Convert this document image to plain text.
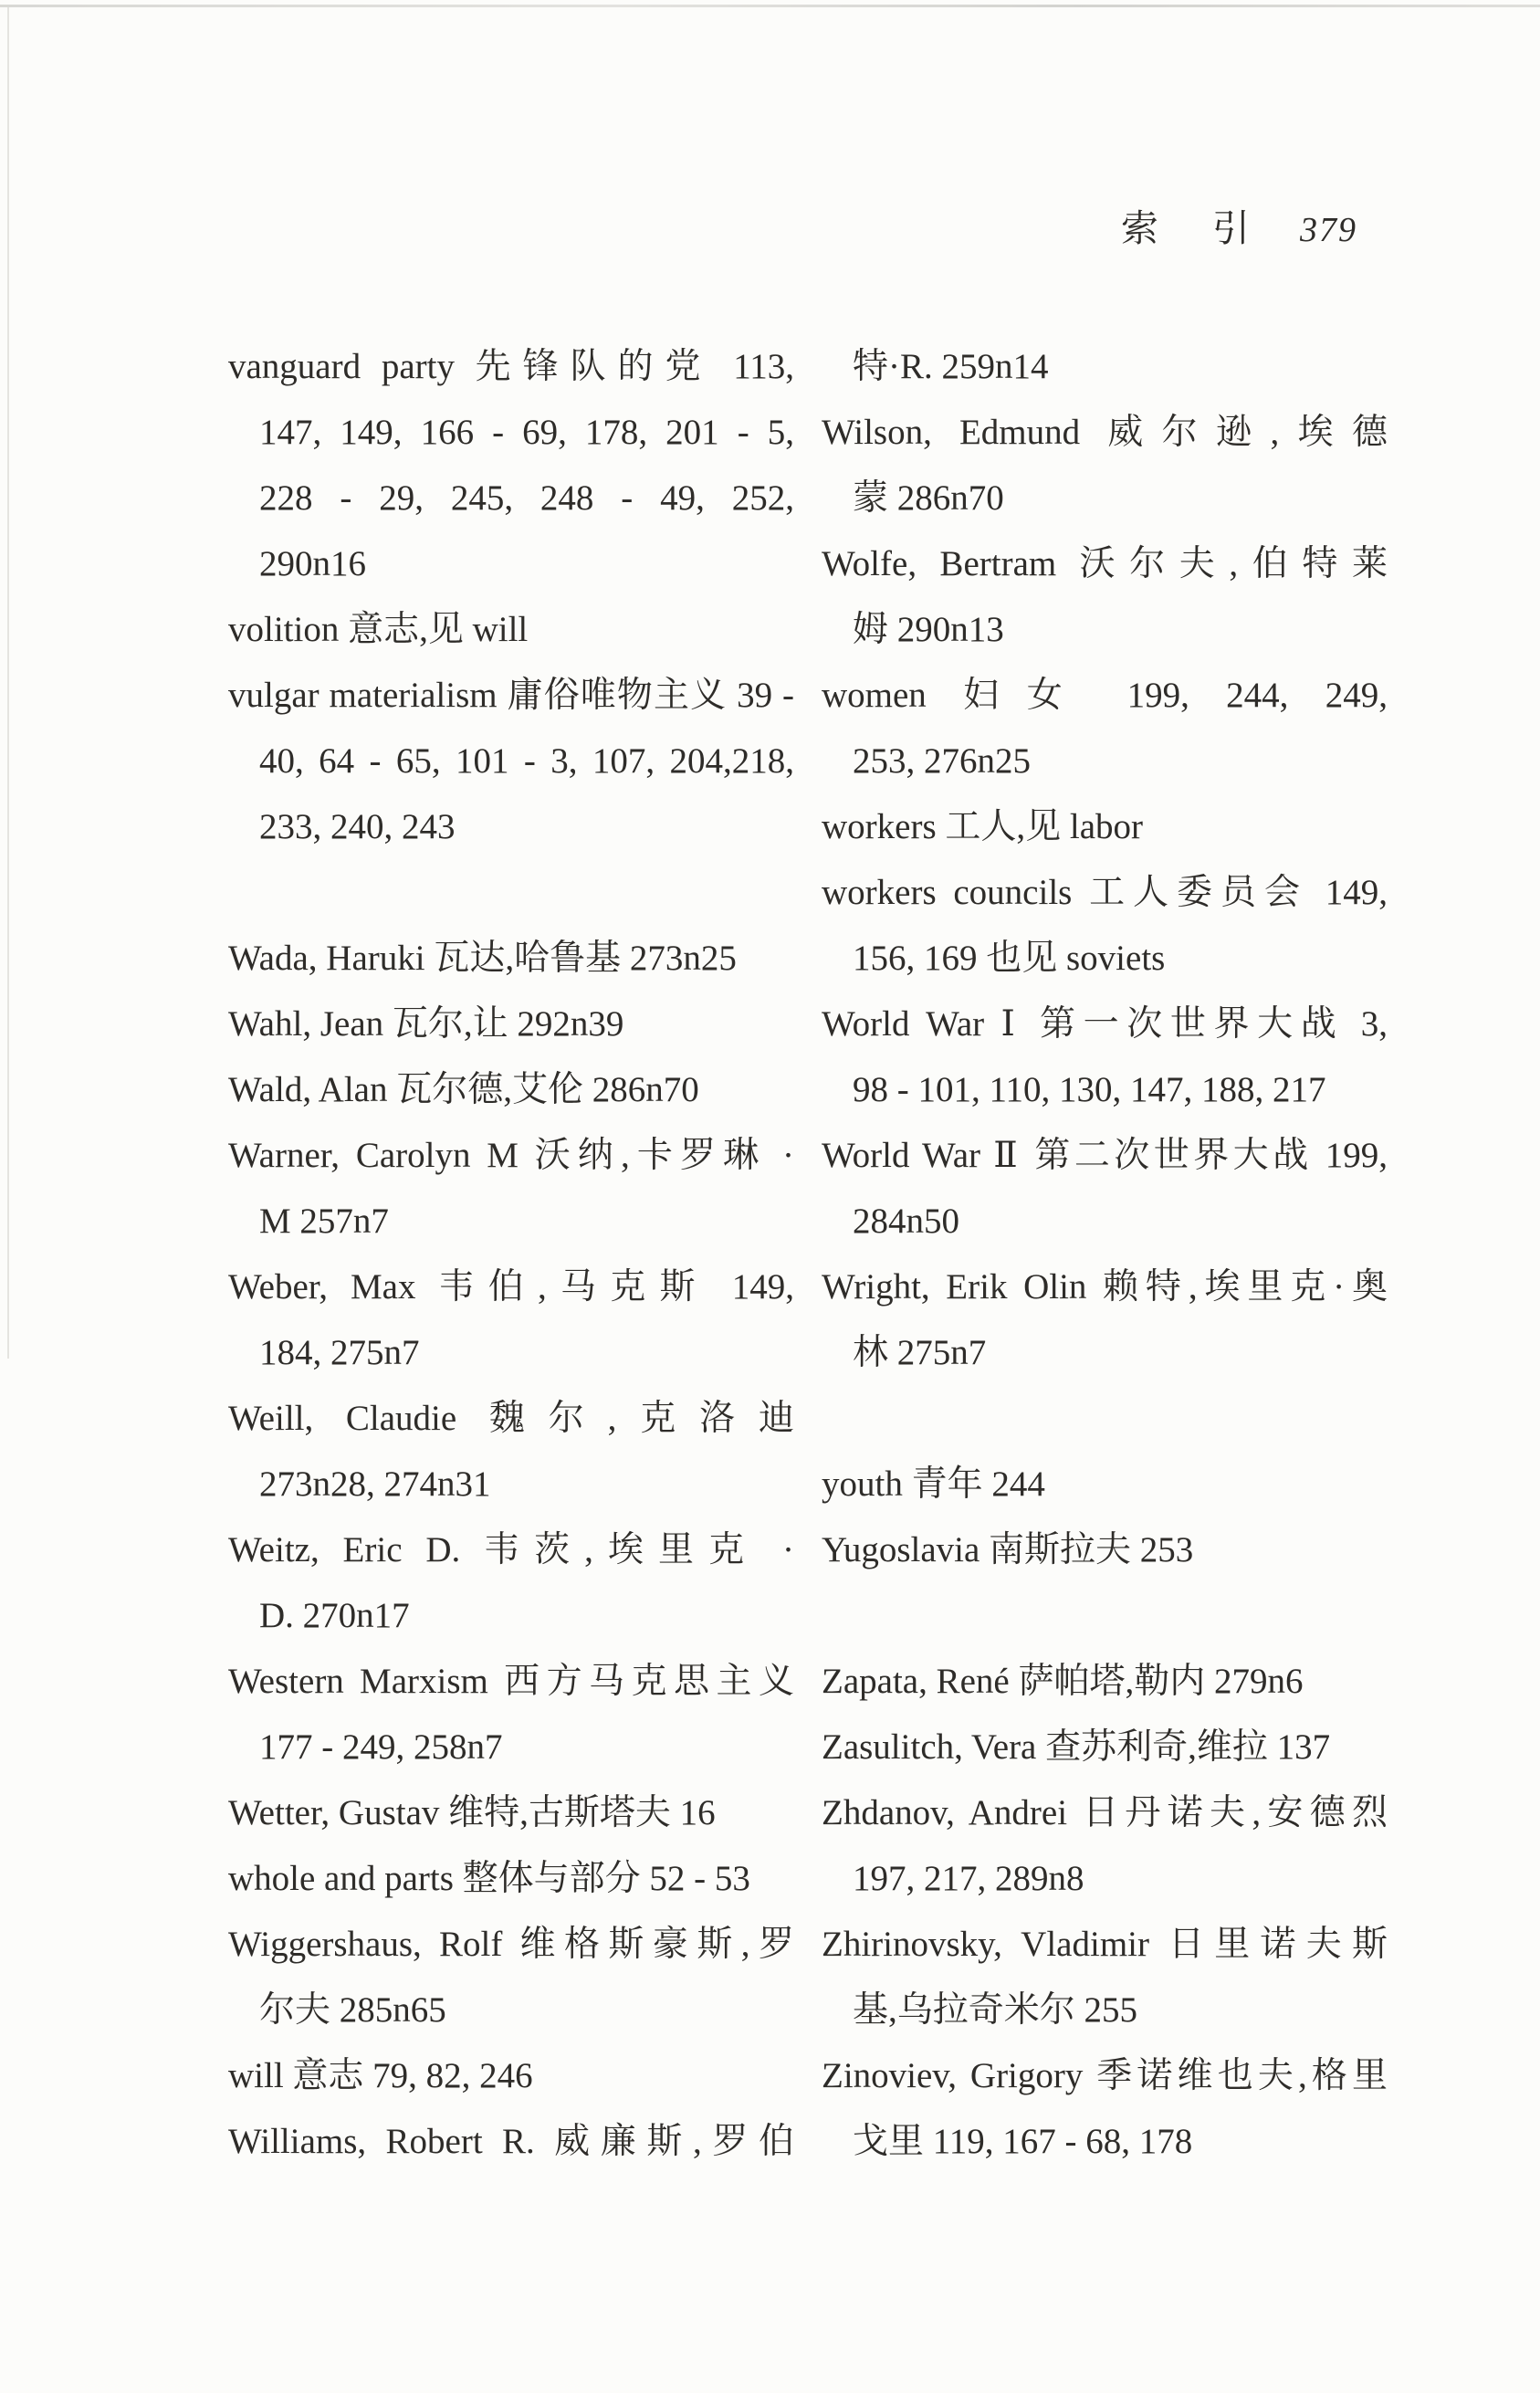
索　引 379
vanguard party 先锋队的党 113,
147, 149, 166 - 69, 178, 201 - 5,
228 - 29, 245, 248 - 49, 252,
290n16
volition 意志,见 will
vulgar materialism 庸俗唯物主义 39 -
40, 64 - 65, 101 - 3, 107, 204,218,
233, 240, 243
Wada, Haruki 瓦达,哈鲁基 273n25
Wahl, Jean 瓦尔,让 292n39
Wald, Alan 瓦尔德,艾伦 286n70
Warner, Carolyn M 沃纳,卡罗琳 ·
M 257n7
Weber, Max 韦伯,马克斯 149,
184, 275n7
Weill, Claudie 魏尔,克洛迪
273n28, 274n31
Weitz, Eric D. 韦茨,埃里克 ·
D. 270n17
Western Marxism 西方马克思主义
177 - 249, 258n7
Wetter, Gustav 维特,古斯塔夫 16
whole and parts 整体与部分 52 - 53
Wiggershaus, Rolf 维格斯豪斯,罗
尔夫 285n65
will 意志 79, 82, 246
Williams, Robert R. 威廉斯,罗伯
特·R. 259n14
Wilson, Edmund 威尔逊,埃德
蒙 286n70
Wolfe, Bertram 沃尔夫,伯特莱
姆 290n13
women 妇女 199, 244, 249,
253, 276n25
workers 工人,见 labor
workers councils 工人委员会 149,
156, 169 也见 soviets
World War Ⅰ 第一次世界大战 3,
98 - 101, 110, 130, 147, 188, 217
World War Ⅱ 第二次世界大战 199,
284n50
Wright, Erik Olin 赖特,埃里克·奥
林 275n7
youth 青年 244
Yugoslavia 南斯拉夫 253
Zapata, René 萨帕塔,勒内 279n6
Zasulitch, Vera 查苏利奇,维拉 137
Zhdanov, Andrei 日丹诺夫,安德烈
197, 217, 289n8
Zhirinovsky, Vladimir 日里诺夫斯
基,乌拉奇米尔 255
Zinoviev, Grigory 季诺维也夫,格里
戈里 119, 167 - 68, 178
